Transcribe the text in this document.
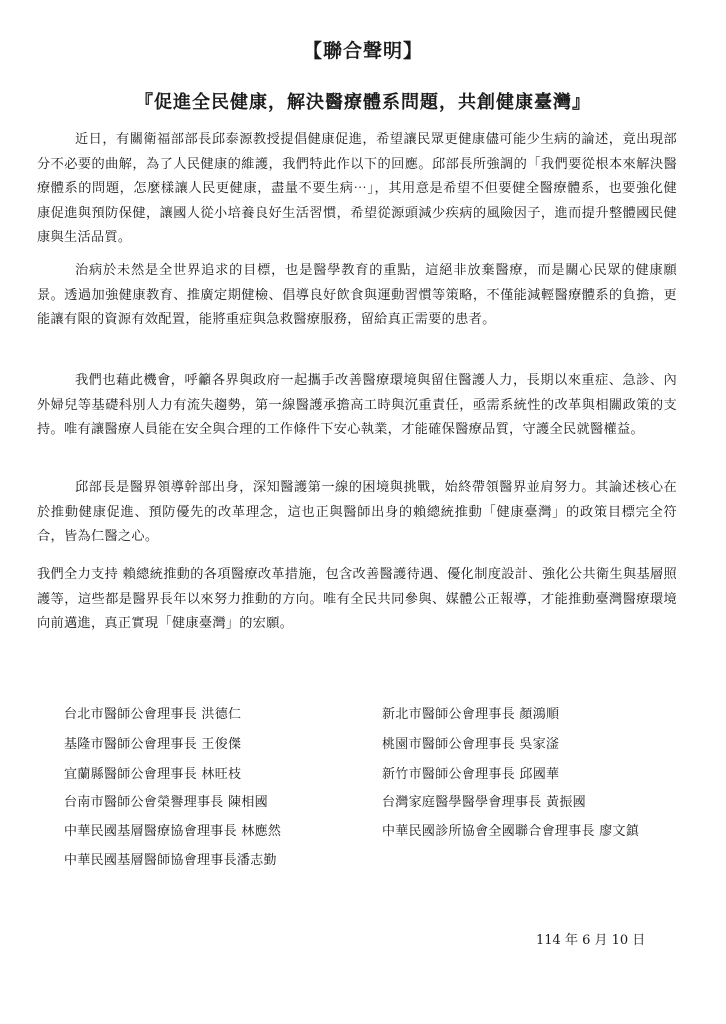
【聯合聲明】
『促進全民健康，解決醫療體系問題，共創健康臺灣』

近日，有關衛福部部長邱泰源教授提倡健康促進，希望讓民眾更健康儘可能少生病的論述，竟出現部分不必要的曲解，為了人民健康的維護，我們特此作以下的回應。邱部長所強調的「我們要從根本來解決醫療體系的問題，怎麼樣讓人民更健康，盡量不要生病⋯」，其用意是希望不但要健全醫療體系，也要強化健康促進與預防保健，讓國人從小培養良好生活習慣，希望從源頭減少疾病的風險因子，進而提升整體國民健康與生活品質。

治病於未然是全世界追求的目標，也是醫學教育的重點，這絕非放棄醫療，而是關心民眾的健康願景。透過加強健康教育、推廣定期健檢、倡導良好飲食與運動習慣等策略，不僅能減輕醫療體系的負擔，更能讓有限的資源有效配置，能將重症與急救醫療服務，留給真正需要的患者。

我們也藉此機會，呼籲各界與政府一起攜手改善醫療環境與留住醫護人力，長期以來重症、急診、內外婦兒等基礎科別人力有流失趨勢，第一線醫護承擔高工時與沉重責任，亟需系統性的改革與相關政策的支持。唯有讓醫療人員能在安全與合理的工作條件下安心執業，才能確保醫療品質，守護全民就醫權益。

邱部長是醫界領導幹部出身，深知醫護第一線的困境與挑戰，始終帶領醫界並肩努力。其論述核心在於推動健康促進、預防優先的改革理念，這也正與醫師出身的賴總統推動「健康臺灣」的政策目標完全符合，皆為仁醫之心。

我們全力支持 賴總統推動的各項醫療改革措施，包含改善醫護待遇、優化制度設計、強化公共衛生與基層照護等，這些都是醫界長年以來努力推動的方向。唯有全民共同參與、媒體公正報導，才能推動臺灣醫療環境向前邁進，真正實現「健康臺灣」的宏願。

台北市醫師公會理事長 洪德仁
基隆市醫師公會理事長 王俊傑
宜蘭縣醫師公會理事長 林旺枝
台南市醫師公會榮譽理事長 陳相國
中華民國基層醫療協會理事長 林應然
中華民國基層醫師協會理事長潘志勤
新北市醫師公會理事長 顏鴻順
桃園市醫師公會理事長 吳家滏
新竹市醫師公會理事長 邱國華
台灣家庭醫學醫學會理事長 黃振國
中華民國診所協會全國聯合會理事長 廖文鎮
114 年 6 月 10 日
